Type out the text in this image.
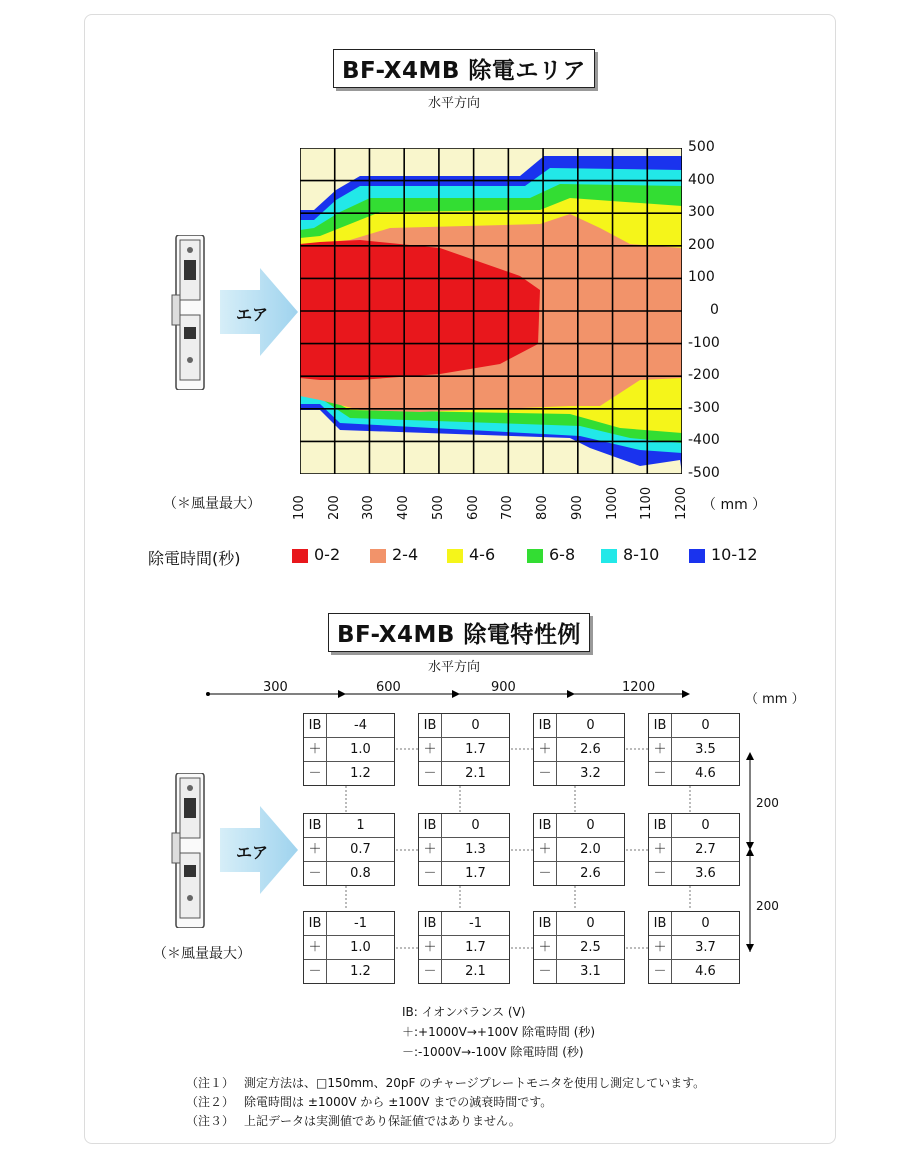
BF-X4MB 除電エリア
水平方向
エア
500
400
300
200
100
0
-100
-200
-300
-400
-500
100 200 300 400 500 600 700 800 900 1000 1100 1200
（＊風量最大）	（ mm ）
除電時間(秒)	0-2	2-4	4-6	6-8	8-10	10-12
BF-X4MB 除電特性例
水平方向
300	600	900	1200
（ mm ）
200
200
エア
（＊風量最大）
IB	-4
＋	1.0
－	1.2
IB	0
＋	1.7
－	2.1
IB	0
＋	2.6
－	3.2
IB	0
＋	3.5
－	4.6
IB	1
＋	0.7
－	0.8
IB	0
＋	1.3
－	1.7
IB	0
＋	2.0
－	2.6
IB	0
＋	2.7
－	3.6
IB	-1
＋	1.0
－	1.2
IB	-1
＋	1.7
－	2.1
IB	0
＋	2.5
－	3.1
IB	0
＋	3.7
－	4.6
IB: イオンバランス (V)
＋:+1000V→+100V 除電時間 (秒)
－:-1000V→-100V 除電時間 (秒)
（注１） 測定方法は、□150mm、20pF のチャージプレートモニタを使用し測定しています。
（注２） 除電時間は ±1000V から ±100V までの減衰時間です。
（注３） 上記データは実測値であり保証値ではありません。
